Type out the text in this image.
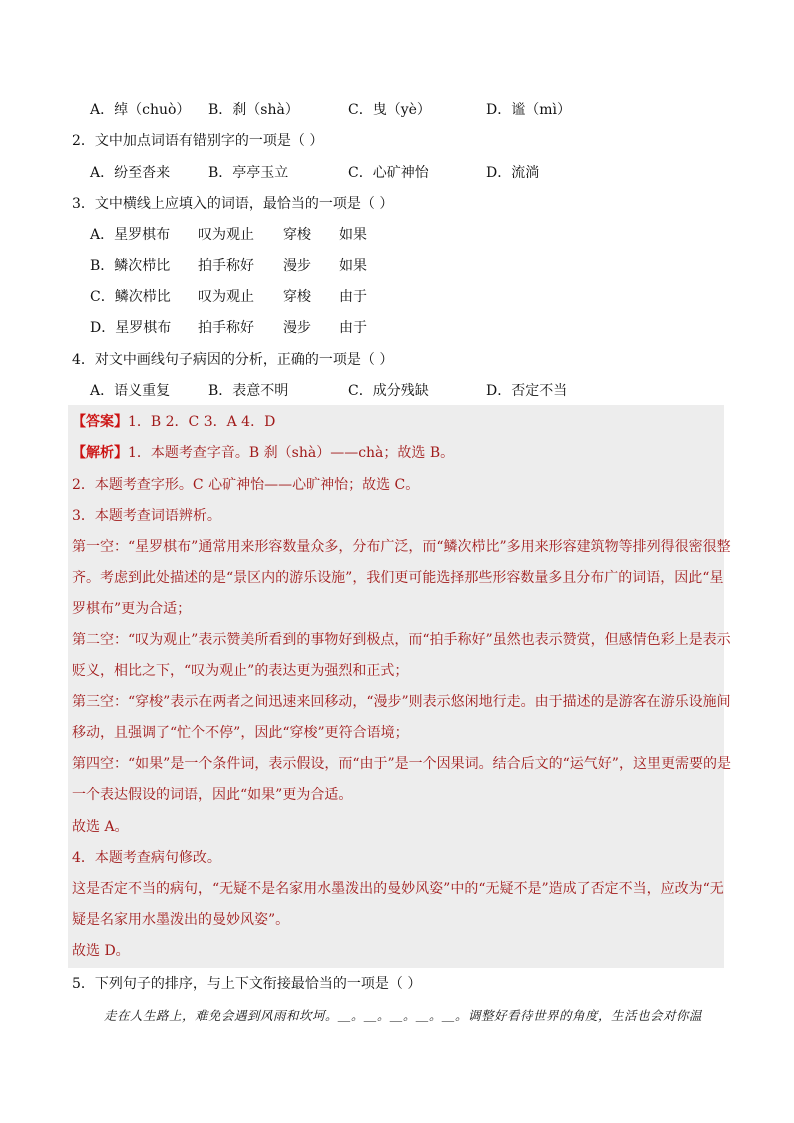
A．绰（chuò） B．刹（shà）	C．曳（yè）	D．谧（mì）
2．文中加点词语有错别字的一项是（ ）
A．纷至沓来	B．亭亭玉立	C．心矿神怡	D．流淌
3．文中横线上应填入的词语，最恰当的一项是（ ）
A．星罗棋布 叹为观止 穿梭 如果
B．鳞次栉比 拍手称好 漫步 如果
C．鳞次栉比 叹为观止 穿梭 由于
D．星罗棋布 拍手称好 漫步 由于
4．对文中画线句子病因的分析，正确的一项是（ ）
A．语义重复	B．表意不明	C．成分残缺	D．否定不当
【答案】1．B 2．C 3．A 4．D
【解析】1．本题考查字音。B 刹（shà）——chà；故选 B。
2．本题考查字形。C 心矿神怡——心旷神怡；故选 C。
3．本题考查词语辨析。
第一空：“星罗棋布”通常用来形容数量众多，分布广泛，而“鳞次栉比”多用来形容建筑物等排列得很密很整
齐。考虑到此处描述的是“景区内的游乐设施”，我们更可能选择那些形容数量多且分布广的词语，因此“星
罗棋布”更为合适；
第二空：“叹为观止”表示赞美所看到的事物好到极点，而“拍手称好”虽然也表示赞赏，但感情色彩上是表示
贬义，相比之下，“叹为观止”的表达更为强烈和正式；
第三空：“穿梭”表示在两者之间迅速来回移动，“漫步”则表示悠闲地行走。由于描述的是游客在游乐设施间
移动，且强调了“忙个不停”，因此“穿梭”更符合语境；
第四空：“如果”是一个条件词，表示假设，而“由于”是一个因果词。结合后文的“运气好”，这里更需要的是
一个表达假设的词语，因此“如果”更为合适。
故选 A。
4．本题考查病句修改。
这是否定不当的病句，“无疑不是名家用水墨泼出的曼妙风姿”中的“无疑不是”造成了否定不当，应改为“无
疑是名家用水墨泼出的曼妙风姿”。
故选 D。
5．下列句子的排序，与上下文衔接最恰当的一项是（ ）
走在人生路上，难免会遇到风雨和坎坷。＿。＿。＿。＿。＿。调整好看待世界的角度，生活也会对你温
